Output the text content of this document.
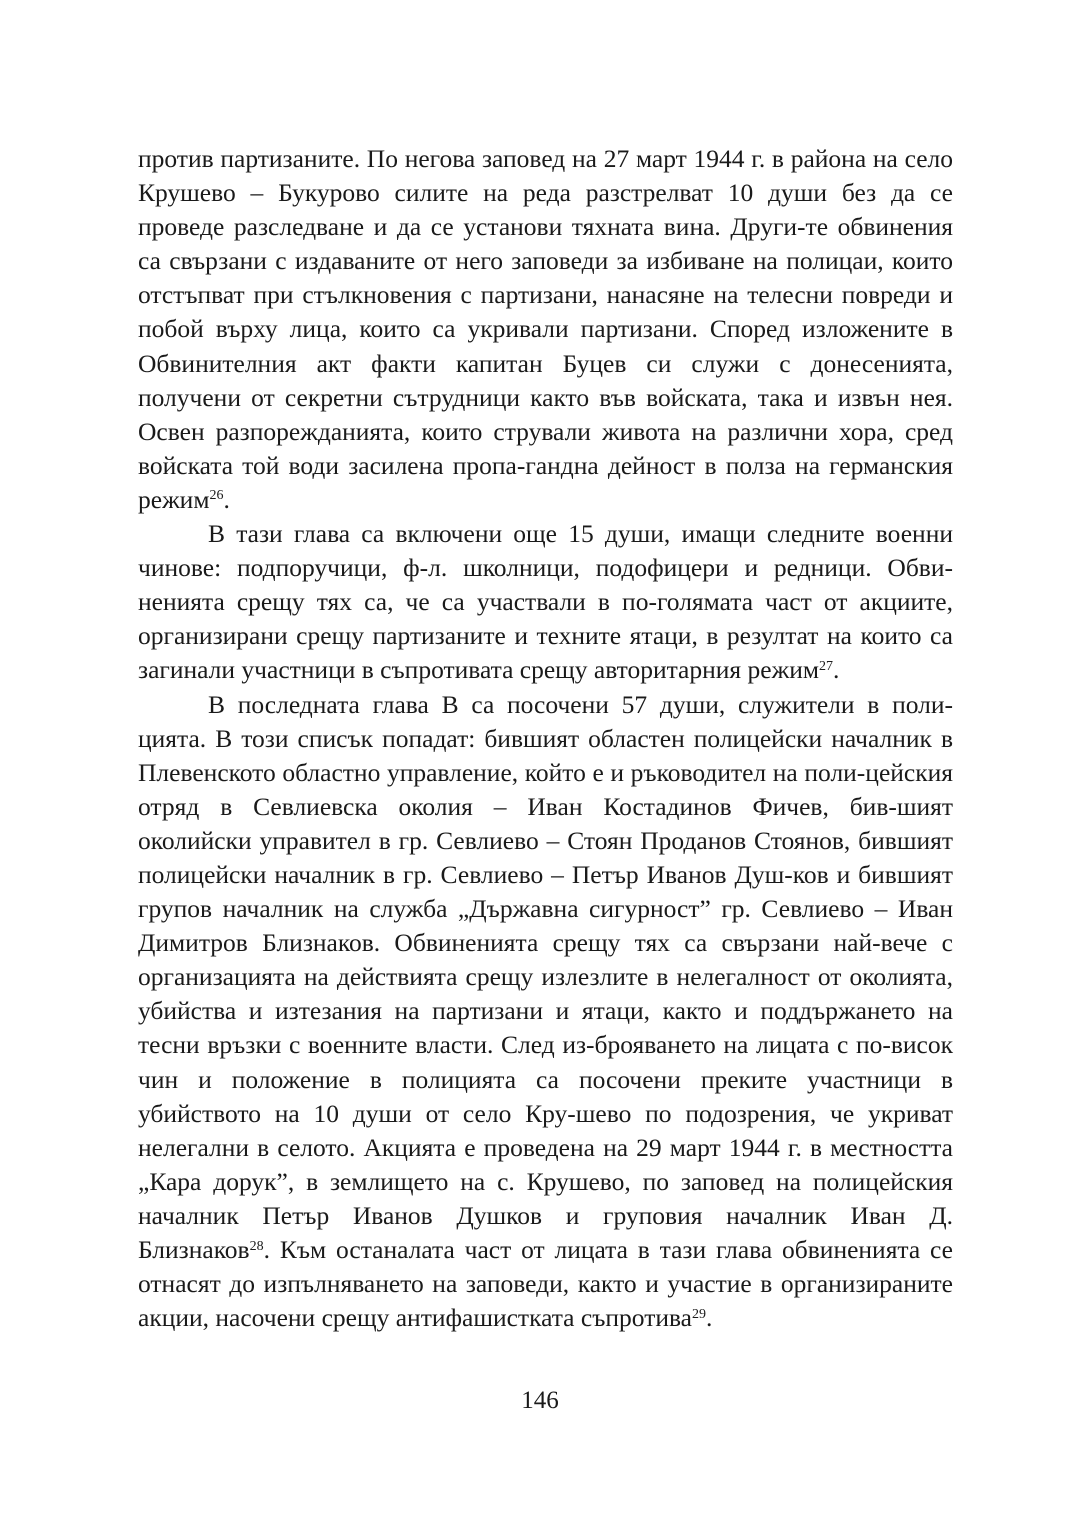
против партизаните. По негова заповед на 27 март 1944 г. в района на село Крушево – Букурово силите на реда разстрелват 10 души без да се проведе разследване и да се установи тяхната вина. Други-те обвинения са свързани с издаваните от него заповеди за избиване на полицаи, които отстъпват при стълкновения с партизани, нанасяне на телесни повреди и побой върху лица, които са укривали партизани. Според изложените в Обвинителния акт факти капитан Буцев си служи с донесенията, получени от секретни сътрудници както във войската, така и извън нея. Освен разпорежданията, които стрували живота на различни хора, сред войската той води засилена пропа-гандна дейност в полза на германския режим$^{26}$.

В тази глава са включени още 15 души, имащи следните военни чинове: подпоручици, ф-л. школници, подофицери и редници. Обви-ненията срещу тях са, че са участвали в по-голямата част от акциите, организирани срещу партизаните и техните ятаци, в резултат на които са загинали участници в съпротивата срещу авторитарния режим$^{27}$.

В последната глава В са посочени 57 души, служители в поли-цията. В този списък попадат: бившият областен полицейски началник в Плевенското областно управление, който е и ръководител на поли-цейския отряд в Севлиевска околия – Иван Костадинов Фичев, бив-шият околийски управител в гр. Севлиево – Стоян Проданов Стоянов, бившият полицейски началник в гр. Севлиево – Петър Иванов Душ-ков и бившият групов началник на служба „Държавна сигурност” гр. Севлиево – Иван Димитров Близнаков. Обвиненията срещу тях са свързани най-вече с организацията на действията срещу излезлите в нелегалност от околията, убийства и изтезания на партизани и ятаци, както и поддържането на тесни връзки с военните власти. След из-брояването на лицата с по-висок чин и положение в полицията са посочени преките участници в убийството на 10 души от село Кру-шево по подозрения, че укриват нелегални в селото. Акцията е проведена на 29 март 1944 г. в местността „Кара дорук”, в землището на с. Крушево, по заповед на полицейския началник Петър Иванов Душков и груповия началник Иван Д. Близнаков$^{28}$. Към останалата част от лицата в тази глава обвиненията се отнасят до изпълняването на заповеди, както и участие в организираните акции, насочени срещу антифашистката съпротива$^{29}$.

146
